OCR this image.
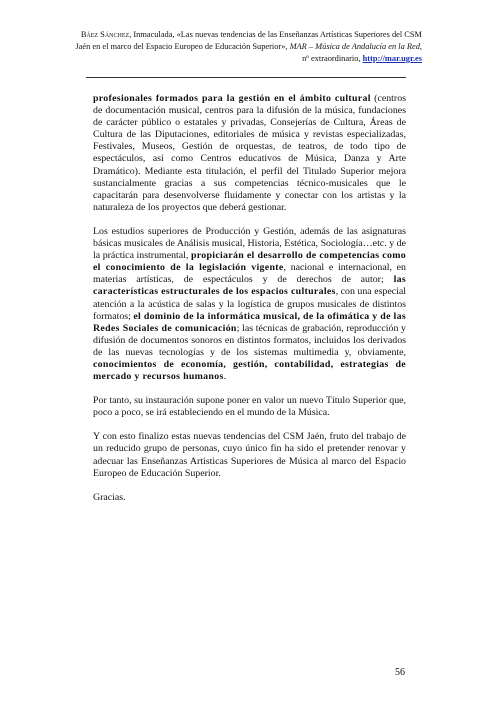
Báez Sánchez, Inmaculada, «Las nuevas tendencias de las Enseñanzas Artísticas Superiores del CSM Jaén en el marco del Espacio Europeo de Educación Superior», MAR – Música de Andalucía en la Red, nº extraordinario, http://mar.ugr.es

profesionales formados para la gestión en el ámbito cultural (centros de documentación musical, centros para la difusión de la música, fundaciones de carácter público o estatales y privadas, Consejerías de Cultura, Áreas de Cultura de las Diputaciones, editoriales de música y revistas especializadas, Festivales, Museos, Gestión de orquestas, de teatros, de todo tipo de espectáculos, así como Centros educativos de Música, Danza y Arte Dramático). Mediante esta titulación, el perfil del Titulado Superior mejora sustancialmente gracias a sus competencias técnico-musicales que le capacitarán para desenvolverse fluidamente y conectar con los artistas y la naturaleza de los proyectos que deberá gestionar.

Los estudios superiores de Producción y Gestión, además de las asignaturas básicas musicales de Análisis musical, Historia, Estética, Sociología…etc. y de la práctica instrumental, propiciarán el desarrollo de competencias como el conocimiento de la legislación vigente, nacional e internacional, en materias artísticas, de espectáculos y de derechos de autor; las características estructurales de los espacios culturales, con una especial atención a la acústica de salas y la logística de grupos musicales de distintos formatos; el dominio de la informática musical, de la ofimática y de las Redes Sociales de comunicación; las técnicas de grabación, reproducción y difusión de documentos sonoros en distintos formatos, incluidos los derivados de las nuevas tecnologías y de los sistemas multimedia y, obviamente, conocimientos de economía, gestión, contabilidad, estrategias de mercado y recursos humanos.

Por tanto, su instauración supone poner en valor un nuevo Título Superior que, poco a poco, se irá estableciendo en el mundo de la Música.

Y con esto finalizo estas nuevas tendencias del CSM Jaén, fruto del trabajo de un reducido grupo de personas, cuyo único fin ha sido el pretender renovar y adecuar las Enseñanzas Artísticas Superiores de Música al marco del Espacio Europeo de Educación Superior.

Gracias.

56
